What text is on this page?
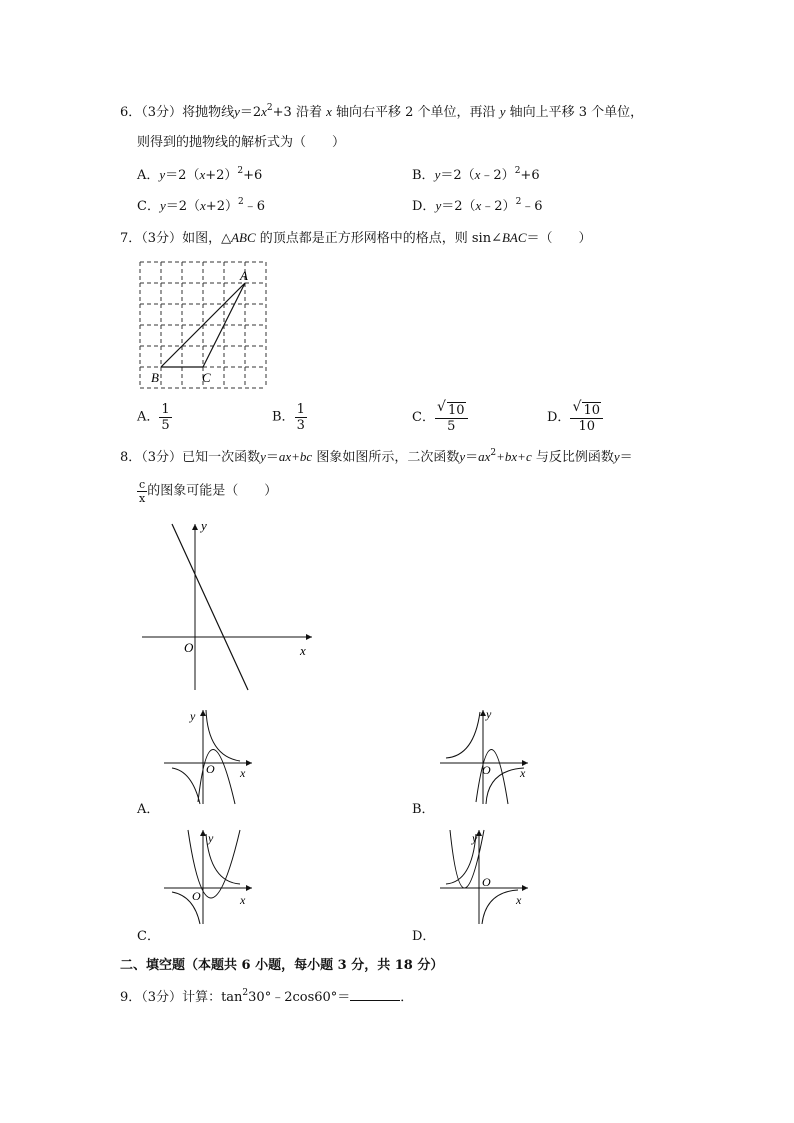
6．（3分）将抛物线$y=2x^2+3$ 沿着 x 轴向右平移 2 个单位，再沿 y 轴向上平移 3 个单位，
则得到的抛物线的解析式为（　　）
A．$y=2(x+2)^2+6$	B．y＝2（x﹣2）$^2$+6
C．$y=2(x+2)^2﹣6$	D．y＝2（x﹣2）$^2$﹣6
7．（3分）如图，△ABC 的顶点都是正方形网格中的格点，则 sin∠BAC＝（　　）
A
B	C
A． $\frac{1}{5}$	B． $\frac{1}{3}$	C． $\frac{√ 10}{5}$	D． $\frac{√ 10}{10}$
8．（3分）已知一次函数y＝ax+bc 图象如图所示，二次函数$y=ax^2+bx+c$ 与反比例函数y＝
$\frac{c}{x}$ 的图象可能是（　　）
y
x
O
y
x
O
A．
y
x
O
B．
y
x
O
C．
y
x
O
D．
二、填空题（本题共 6 小题，每小题 3 分，共 18 分）
9．（3分）计算：$\tan^230^\circ﹣2\cos 60^\circ=$	．
